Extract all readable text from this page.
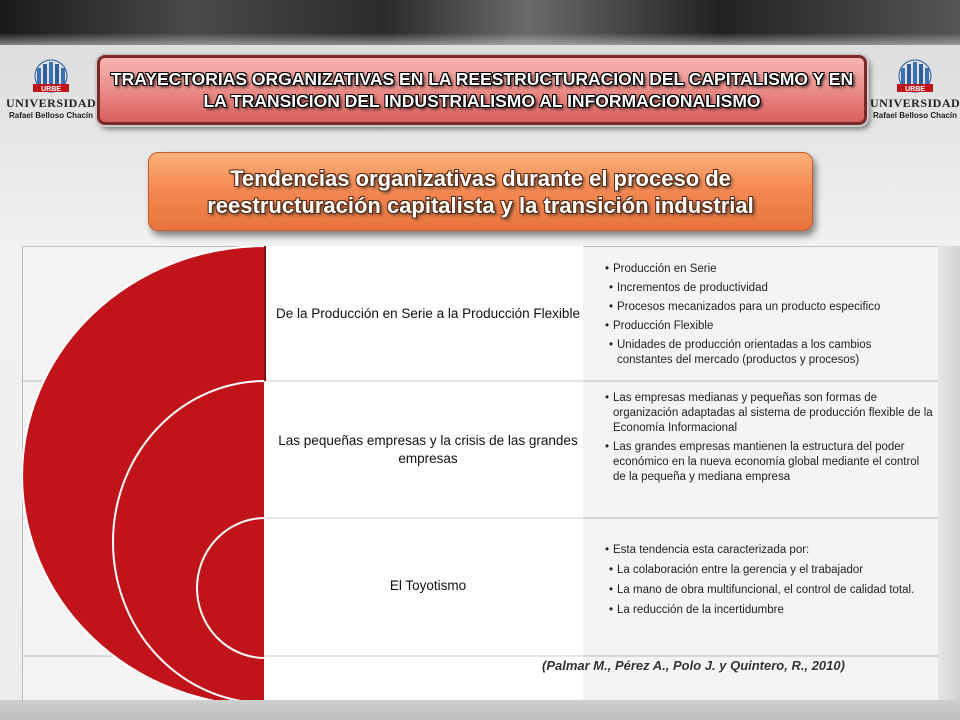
URBE
UNIVERSIDAD
Rafael Belloso Chacín
URBE
UNIVERSIDAD
Rafael Belloso Chacín
TRAYECTORIAS ORGANIZATIVAS EN LA REESTRUCTURACION DEL CAPITALISMO Y EN LA TRANSICION DEL INDUSTRIALISMO AL INFORMACIONALISMO
Tendencias organizativas durante el proceso de reestructuración capitalista y la transición industrial
De la Producción en Serie a la Producción Flexible
Las pequeñas empresas y la crisis de las grandes empresas
El Toyotismo
• Producción en Serie
• Incrementos de productividad
• Procesos mecanizados para un producto especifico
• Producción Flexible
• Unidades de producción orientadas a los cambios constantes del mercado (productos y procesos)
• Las empresas medianas y pequeñas son formas de organización adaptadas al sistema de producción flexible de la Economía Informacional
• Las grandes empresas mantienen la estructura del poder económico en la nueva economía global mediante el control de la pequeña y mediana empresa
• Esta tendencia esta caracterizada por:
• La colaboración entre la gerencia y el trabajador
• La mano de obra multifuncional, el control de calidad total.
• La reducción de la incertidumbre
(Palmar M., Pérez A., Polo J. y Quintero, R., 2010)
